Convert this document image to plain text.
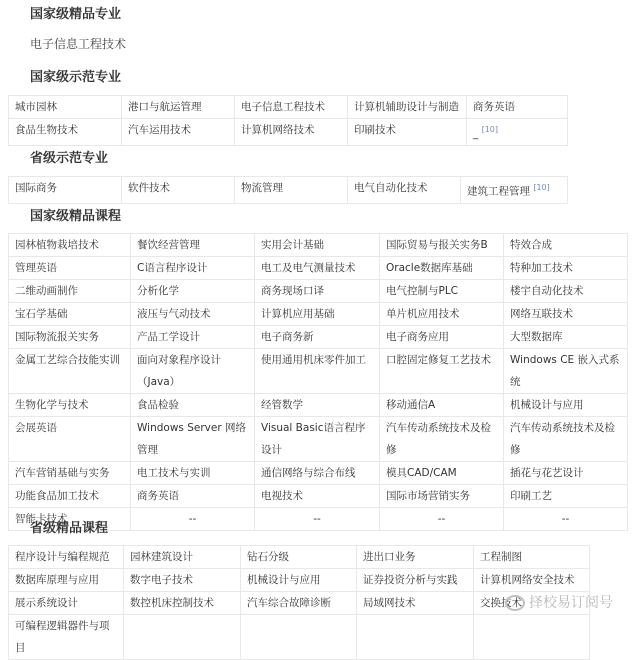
国家级精品专业
电子信息工程技术
国家级示范专业
城市园林	港口与航运管理	电子信息工程技术	计算机辅助设计与制造	商务英语
食品生物技术	汽车运用技术	计算机网络技术	印刷技术	_ [10]
省级示范专业
国际商务	软件技术	物流管理	电气自动化技术	建筑工程管理 [10]
国家级精品课程
园林植物栽培技术	餐饮经营管理	实用会计基础	国际贸易与报关实务B	特效合成
管理英语	C语言程序设计	电工及电气测量技术	Oracle数据库基础	特种加工技术
二维动画制作	分析化学	商务现场口译	电气控制与PLC	楼宇自动化技术
宝石学基础	液压与气动技术	计算机应用基础	单片机应用技术	网络互联技术
国际物流报关实务	产品工学设计	电子商务新	电子商务应用	大型数据库
金属工艺综合技能实训	面向对象程序设计（Java）	使用通用机床零件加工	口腔固定修复工艺技术	Windows CE 嵌入式系统
生物化学与技术	食品检验	经管数学	移动通信A	机械设计与应用
会展英语	Windows Server 网络管理	Visual Basic语言程序设计	汽车传动系统技术及检修	汽车传动系统技术及检修
汽车营销基础与实务	电工技术与实训	通信网络与综合布线	模具CAD/CAM	插花与花艺设计
功能食品加工技术	商务英语	电视技术	国际市场营销实务	印刷工艺
智能卡技术	--	--	--	--
省级精品课程
程序设计与编程规范	园林建筑设计	钻石分级	进出口业务	工程制图
数据库原理与应用	数字电子技术	机械设计与应用	证券投资分析与实践	计算机网络安全技术
展示系统设计	数控机床控制技术	汽车综合故障诊断	局域网技术	交换技术
可编程逻辑器件与项目				
择校易订阅号
